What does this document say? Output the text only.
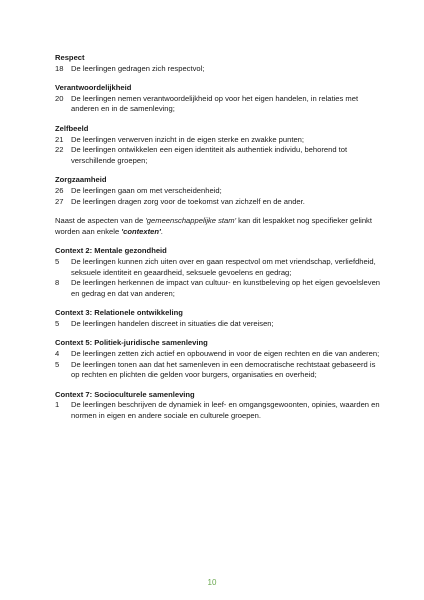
Respect
18 De leerlingen gedragen zich respectvol;
Verantwoordelijkheid
20 De leerlingen nemen verantwoordelijkheid op voor het eigen handelen, in relaties met anderen en in de samenleving;
Zelfbeeld
21 De leerlingen verwerven inzicht in de eigen sterke en zwakke punten;
22 De leerlingen ontwikkelen een eigen identiteit als authentiek individu, behorend tot verschillende groepen;
Zorgzaamheid
26 De leerlingen gaan om met verscheidenheid;
27 De leerlingen dragen zorg voor de toekomst van zichzelf en de ander.

Naast de aspecten van de 'gemeenschappelijke stam' kan dit lespakket nog specifieker gelinkt worden aan enkele 'contexten'.

Context 2: Mentale gezondheid
5	De leerlingen kunnen zich uiten over en gaan respectvol om met vriendschap, verliefdheid, seksuele identiteit en geaardheid, seksuele gevoelens en gedrag;
8	De leerlingen herkennen de impact van cultuur- en kunstbeleving op het eigen gevoelsleven en gedrag en dat van anderen;
Context 3: Relationele ontwikkeling
5	De leerlingen handelen discreet in situaties die dat vereisen;
Context 5: Politiek-juridische samenleving
4	De leerlingen zetten zich actief en opbouwend in voor de eigen rechten en die van anderen;
5	De leerlingen tonen aan dat het samenleven in een democratische rechtstaat gebaseerd is op rechten en plichten die gelden voor burgers, organisaties en overheid;
Context 7: Socioculturele samenleving
1	De leerlingen beschrijven de dynamiek in leef- en omgangsgewoonten, opinies, waarden en normen in eigen en andere sociale en culturele groepen.
10
